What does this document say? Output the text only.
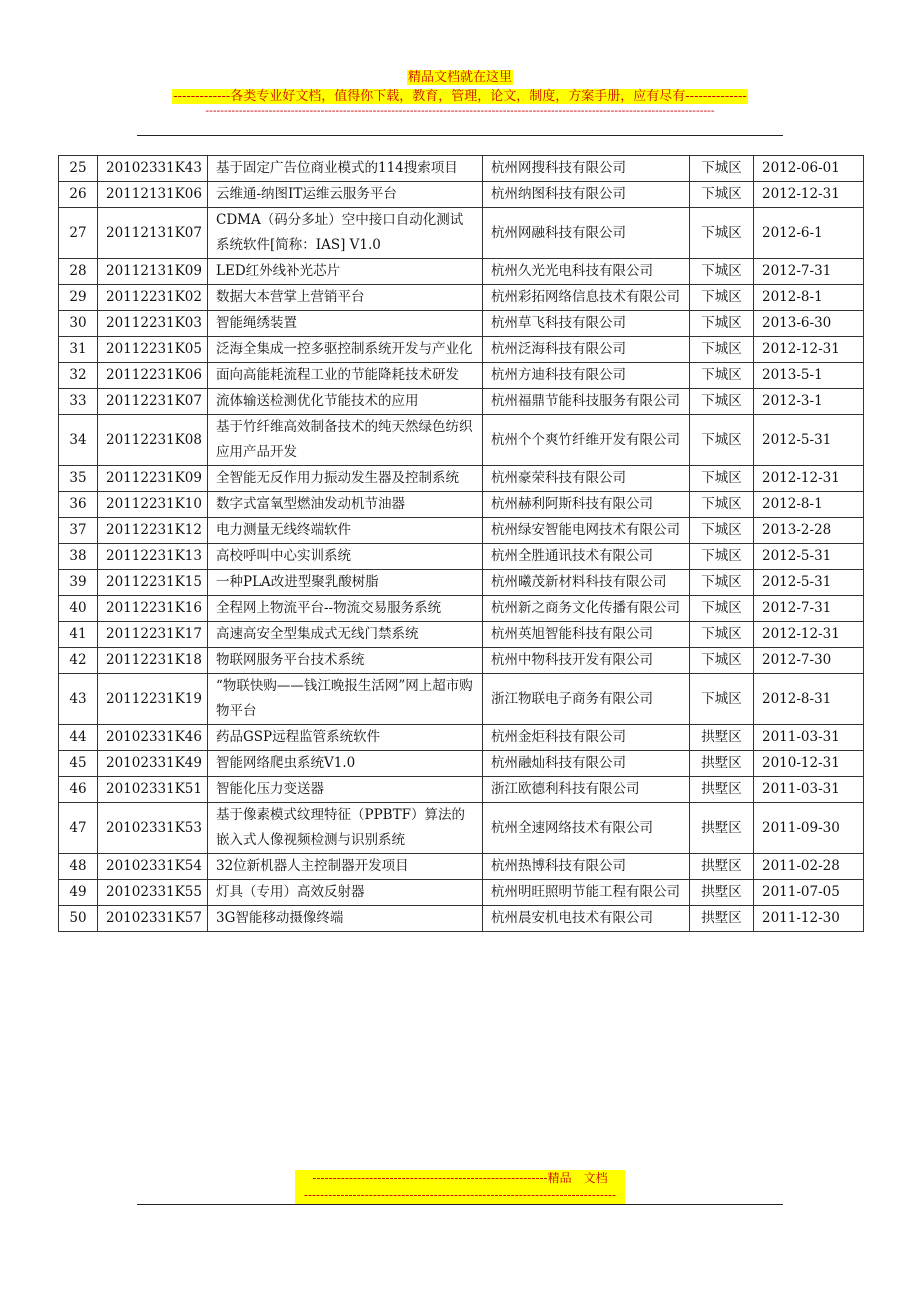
精品文档就在这里
-------------各类专业好文档，值得你下载，教育，管理，论文，制度，方案手册，应有尽有--------------
-----------------------------------------------------------------------------------------------------------------------------------------
25	20102331K43	基于固定广告位商业模式的114搜索项目	杭州网搜科技有限公司	下城区	2012-06-01
26	20112131K06	云维通-纳图IT运维云服务平台	杭州纳图科技有限公司	下城区	2012-12-31
27	20112131K07	CDMA（码分多址）空中接口自动化测试系统软件[简称：IAS] V1.0	杭州网融科技有限公司	下城区	2012-6-1
28	20112131K09	LED红外线补光芯片	杭州久光光电科技有限公司	下城区	2012-7-31
29	20112231K02	数据大本营掌上营销平台	杭州彩拓网络信息技术有限公司	下城区	2012-8-1
30	20112231K03	智能绳绣装置	杭州草飞科技有限公司	下城区	2013-6-30
31	20112231K05	泛海全集成一控多驱控制系统开发与产业化	杭州泛海科技有限公司	下城区	2012-12-31
32	20112231K06	面向高能耗流程工业的节能降耗技术研发	杭州方迪科技有限公司	下城区	2013-5-1
33	20112231K07	流体输送检测优化节能技术的应用	杭州福鼎节能科技服务有限公司	下城区	2012-3-1
34	20112231K08	基于竹纤维高效制备技术的纯天然绿色纺织应用产品开发	杭州个个爽竹纤维开发有限公司	下城区	2012-5-31
35	20112231K09	全智能无反作用力振动发生器及控制系统	杭州豪荣科技有限公司	下城区	2012-12-31
36	20112231K10	数字式富氧型燃油发动机节油器	杭州赫利阿斯科技有限公司	下城区	2012-8-1
37	20112231K12	电力测量无线终端软件	杭州绿安智能电网技术有限公司	下城区	2013-2-28
38	20112231K13	高校呼叫中心实训系统	杭州全胜通讯技术有限公司	下城区	2012-5-31
39	20112231K15	一种PLA改进型聚乳酸树脂	杭州曦茂新材料科技有限公司	下城区	2012-5-31
40	20112231K16	全程网上物流平台--物流交易服务系统	杭州新之商务文化传播有限公司	下城区	2012-7-31
41	20112231K17	高速高安全型集成式无线门禁系统	杭州英旭智能科技有限公司	下城区	2012-12-31
42	20112231K18	物联网服务平台技术系统	杭州中物科技开发有限公司	下城区	2012-7-30
43	20112231K19	“物联快购——钱江晚报生活网”网上超市购物平台	浙江物联电子商务有限公司	下城区	2012-8-31
44	20102331K46	药品GSP远程监管系统软件	杭州金炬科技有限公司	拱墅区	2011-03-31
45	20102331K49	智能网络爬虫系统V1.0	杭州融灿科技有限公司	拱墅区	2010-12-31
46	20102331K51	智能化压力变送器	浙江欧德利科技有限公司	拱墅区	2011-03-31
47	20102331K53	基于像素模式纹理特征（PPBTF）算法的嵌入式人像视频检测与识别系统	杭州全速网络技术有限公司	拱墅区	2011-09-30
48	20102331K54	32位新机器人主控制器开发项目	杭州热博科技有限公司	拱墅区	2011-02-28
49	20102331K55	灯具（专用）高效反射器	杭州明旺照明节能工程有限公司	拱墅区	2011-07-05
50	20102331K57	3G智能移动摄像终端	杭州晨安机电技术有限公司	拱墅区	2011-12-30
----------------------------------------------------------精品　文档
-----------------------------------------------------------------------------
